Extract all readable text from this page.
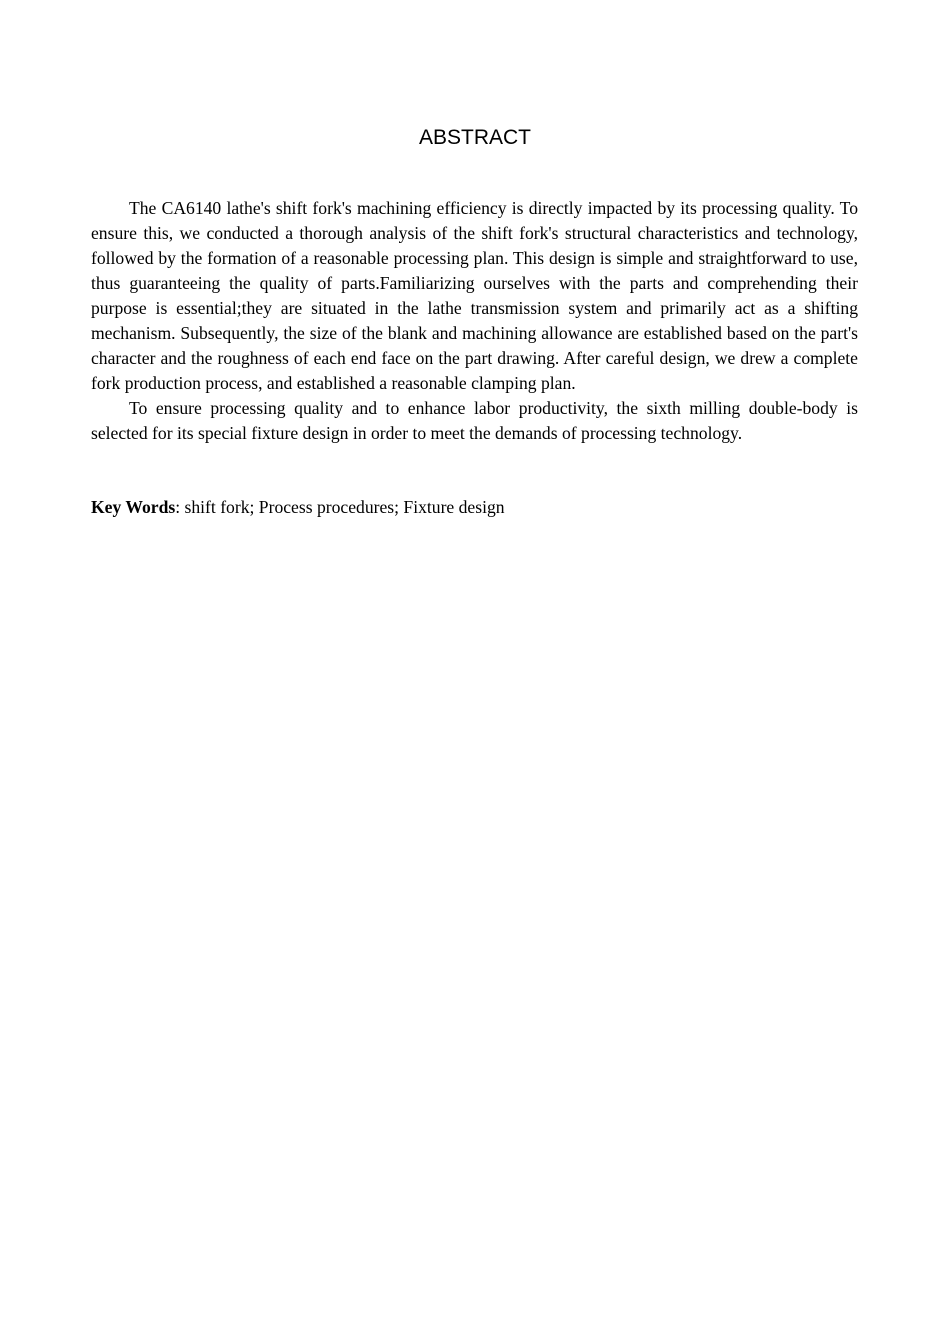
ABSTRACT

The CA6140 lathe's shift fork's machining efficiency is directly impacted by its processing quality. To ensure this, we conducted a thorough analysis of the shift fork's structural characteristics and technology, followed by the formation of a reasonable processing plan. This design is simple and straightforward to use, thus guaranteeing the quality of parts.Familiarizing ourselves with the parts and comprehending their purpose is essential;they are situated in the lathe transmission system and primarily act as a shifting mechanism. Subsequently, the size of the blank and machining allowance are established based on the part's character and the roughness of each end face on the part drawing. After careful design, we drew a complete fork production process, and established a reasonable clamping plan.

To ensure processing quality and to enhance labor productivity, the sixth milling double-body is selected for its special fixture design in order to meet the demands of processing technology.

Key Words: shift fork; Process procedures; Fixture design
